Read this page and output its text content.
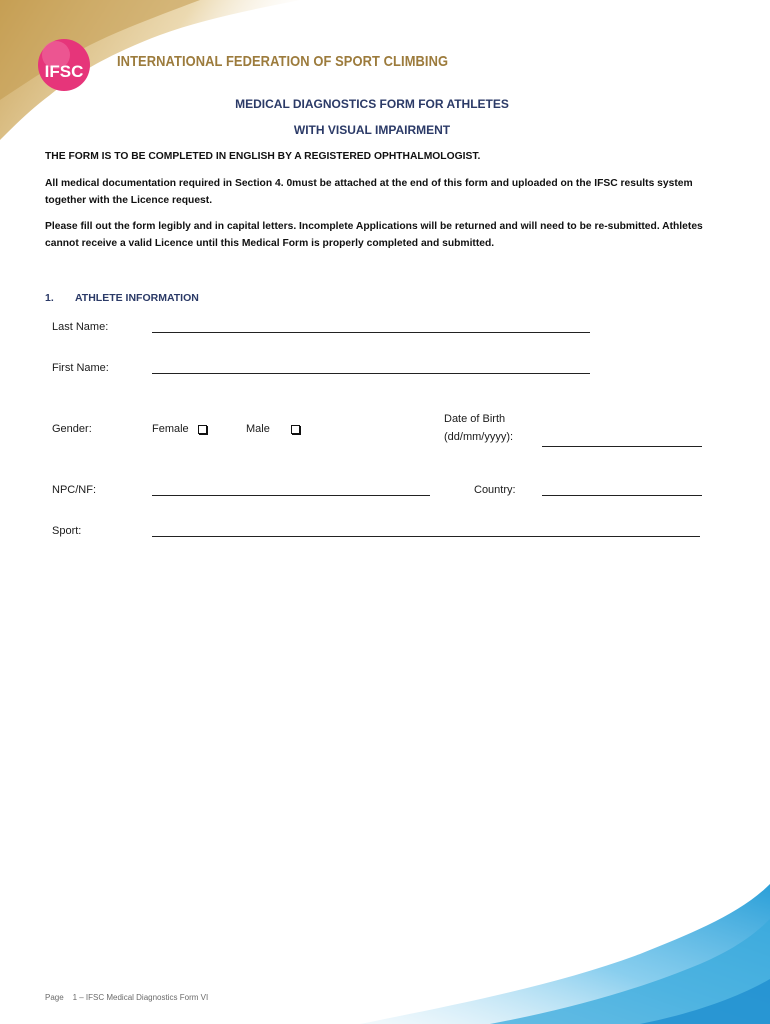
IFSC
INTERNATIONAL FEDERATION OF SPORT CLIMBING
MEDICAL DIAGNOSTICS FORM FOR ATHLETES
WITH VISUAL IMPAIRMENT
THE FORM IS TO BE COMPLETED IN ENGLISH BY A REGISTERED OPHTHALMOLOGIST.
All medical documentation required in Section 4. 0must be attached at the end of this form and uploaded on the IFSC results system together with the Licence request.
Please fill out the form legibly and in capital letters. Incomplete Applications will be returned and will need to be re-submitted. Athletes cannot receive a valid Licence until this Medical Form is properly completed and submitted.
1. ATHLETE INFORMATION
Last Name:
First Name:
Gender:	Female	Male
Date of Birth
(dd/mm/yyyy):
NPC/NF:	Country:
Sport:
Page    1 – IFSC Medical Diagnostics Form VI
